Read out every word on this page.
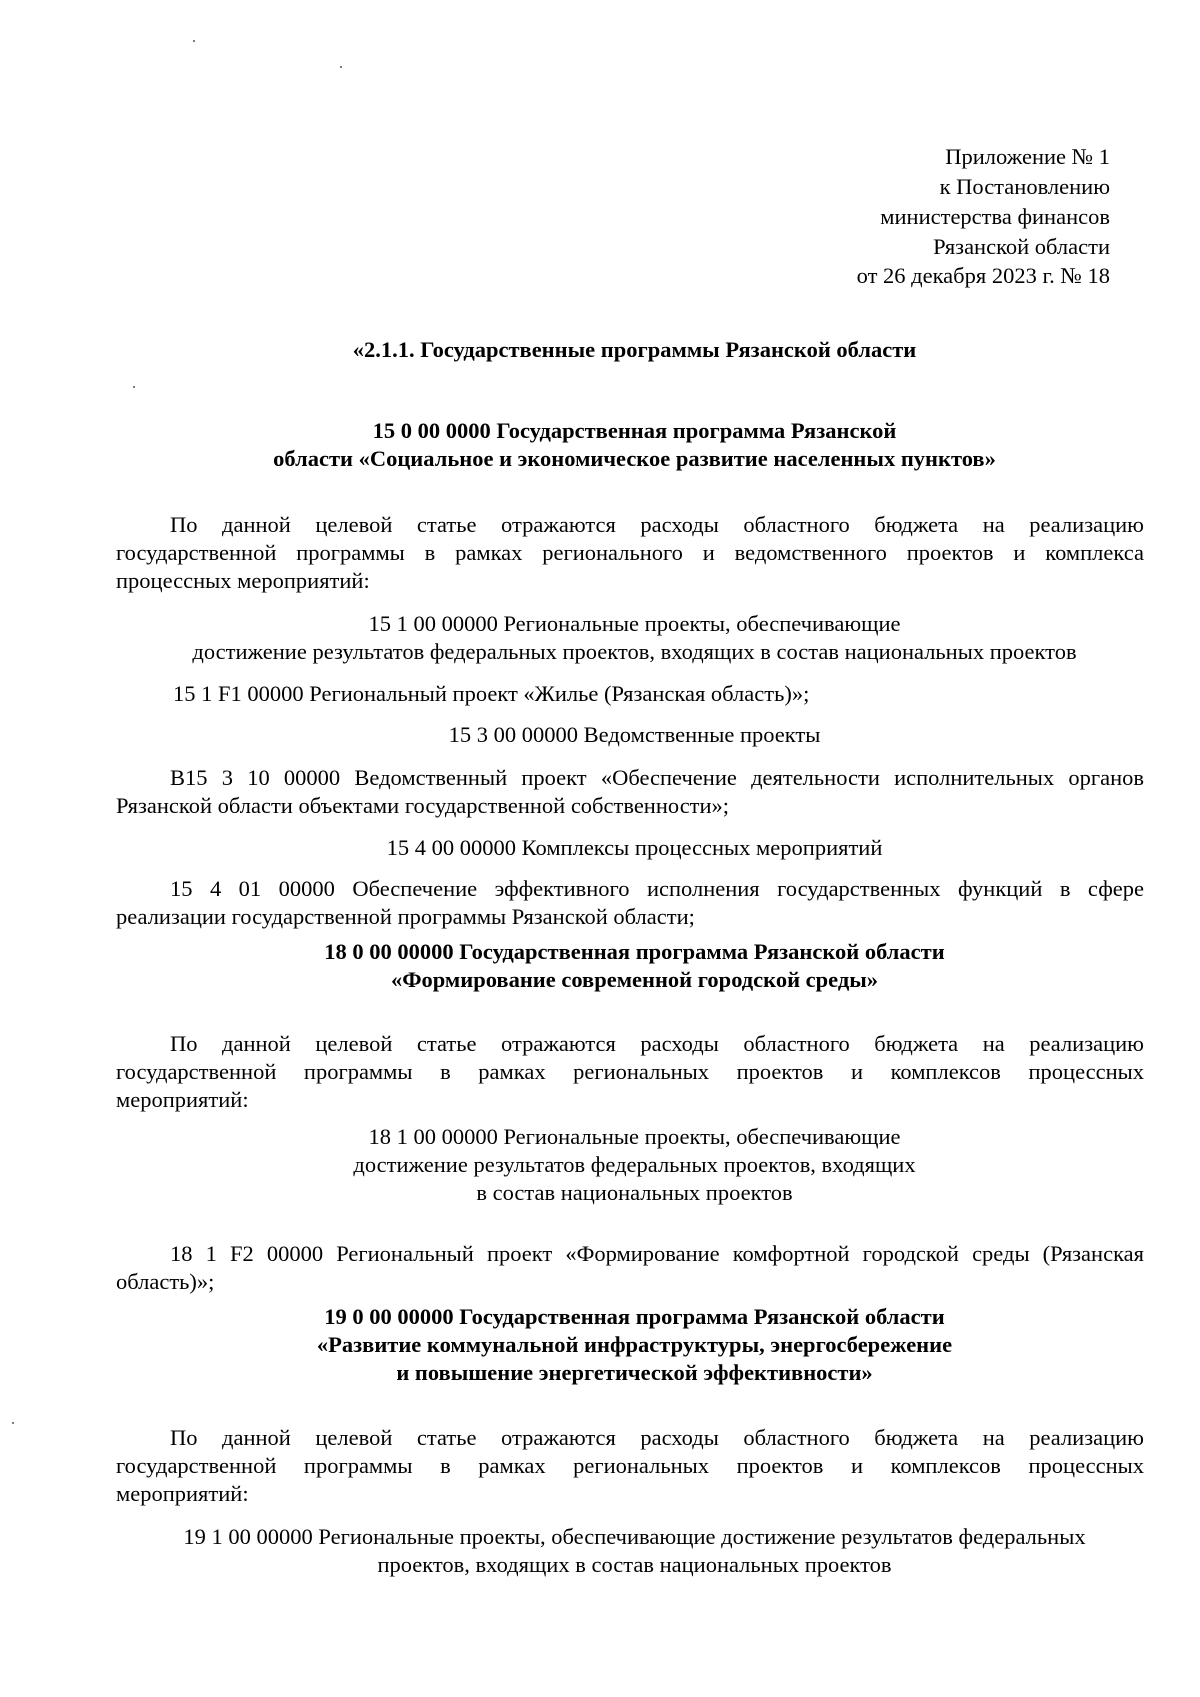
Приложение № 1
к Постановлению
министерства финансов
Рязанской области
от 26 декабря 2023 г. № 18
«2.1.1. Государственные программы Рязанской области
15 0 00 0000 Государственная программа Рязанской
области «Социальное и экономическое развитие населенных пунктов»
По данной целевой статье отражаются расходы областного бюджета на реализацию
государственной программы в рамках регионального и ведомственного проектов и комплекса
процессных мероприятий:
15 1 00 00000 Региональные проекты, обеспечивающие
достижение результатов федеральных проектов, входящих в состав национальных проектов
15 1 F1 00000 Региональный проект «Жилье (Рязанская область)»;
15 3 00 00000 Ведомственные проекты
В15 3 10 00000 Ведомственный проект «Обеспечение деятельности исполнительных органов
Рязанской области объектами государственной собственности»;
15 4 00 00000 Комплексы процессных мероприятий
15 4 01 00000 Обеспечение эффективного исполнения государственных функций в сфере
реализации государственной программы Рязанской области;
18 0 00 00000 Государственная программа Рязанской области
«Формирование современной городской среды»
По данной целевой статье отражаются расходы областного бюджета на реализацию
государственной программы в рамках региональных проектов и комплексов процессных
мероприятий:
18 1 00 00000 Региональные проекты, обеспечивающие
достижение результатов федеральных проектов, входящих
в состав национальных проектов
18 1 F2 00000 Региональный проект «Формирование комфортной городской среды (Рязанская
область)»;
19 0 00 00000 Государственная программа Рязанской области
«Развитие коммунальной инфраструктуры, энергосбережение
и повышение энергетической эффективности»
По данной целевой статье отражаются расходы областного бюджета на реализацию
государственной программы в рамках региональных проектов и комплексов процессных
мероприятий:
19 1 00 00000 Региональные проекты, обеспечивающие достижение результатов федеральных
проектов, входящих в состав национальных проектов
